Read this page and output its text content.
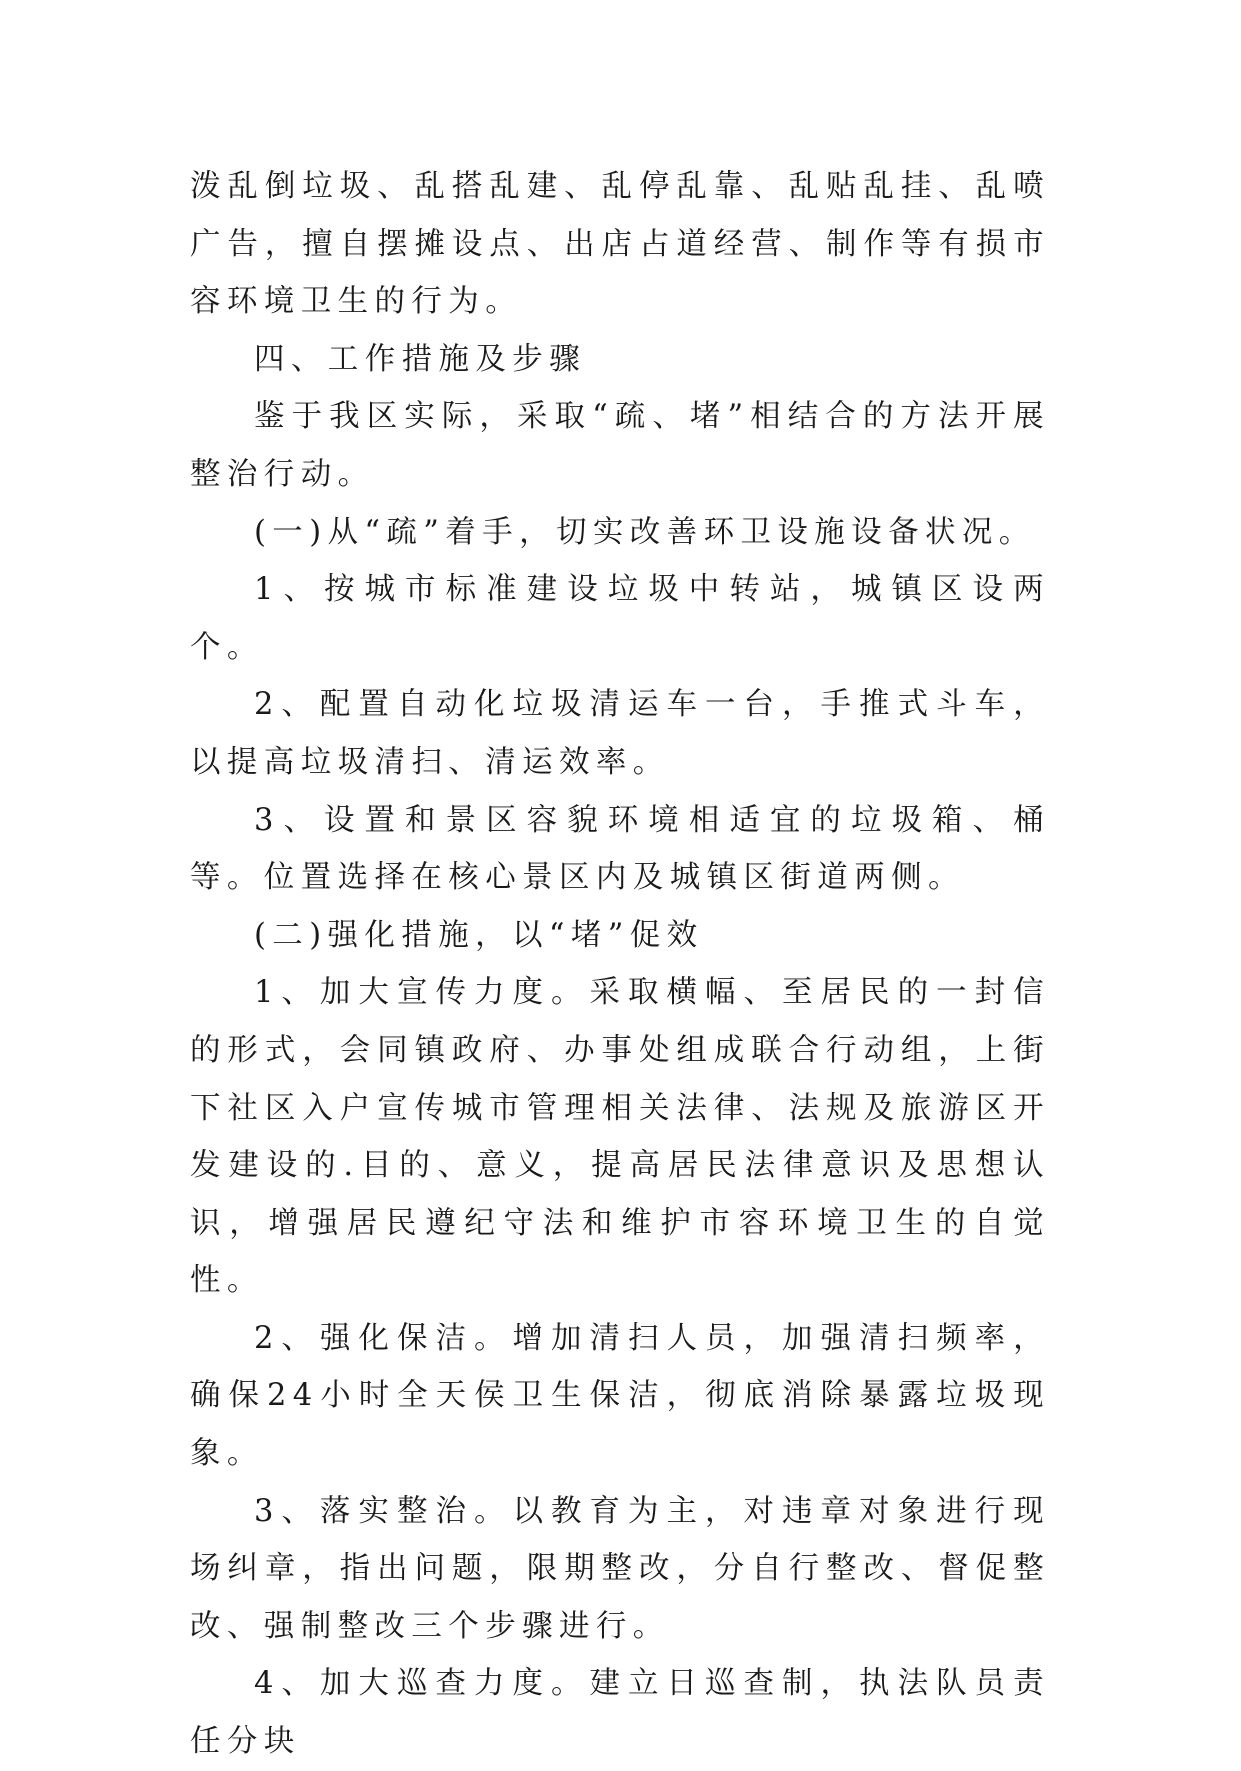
泼乱倒垃圾、乱搭乱建、乱停乱靠、乱贴乱挂、乱喷广告，擅自摆摊设点、出店占道经营、制作等有损市容环境卫生的行为。

四、工作措施及步骤

鉴于我区实际，采取“疏、堵”相结合的方法开展整治行动。

(一)从“疏”着手，切实改善环卫设施设备状况。

1、按城市标准建设垃圾中转站，城镇区设两个。

2、配置自动化垃圾清运车一台，手推式斗车，以提高垃圾清扫、清运效率。

3、设置和景区容貌环境相适宜的垃圾箱、桶等。位置选择在核心景区内及城镇区街道两侧。

(二)强化措施，以“堵”促效

1、加大宣传力度。采取横幅、至居民的一封信的形式，会同镇政府、办事处组成联合行动组，上街下社区入户宣传城市管理相关法律、法规及旅游区开发建设的.目的、意义，提高居民法律意识及思想认识，增强居民遵纪守法和维护市容环境卫生的自觉性。

2、强化保洁。增加清扫人员，加强清扫频率，确保24小时全天侯卫生保洁，彻底消除暴露垃圾现象。

3、落实整治。以教育为主，对违章对象进行现场纠章，指出问题，限期整改，分自行整改、督促整改、强制整改三个步骤进行。

4、加大巡查力度。建立日巡查制，执法队员责任分块
